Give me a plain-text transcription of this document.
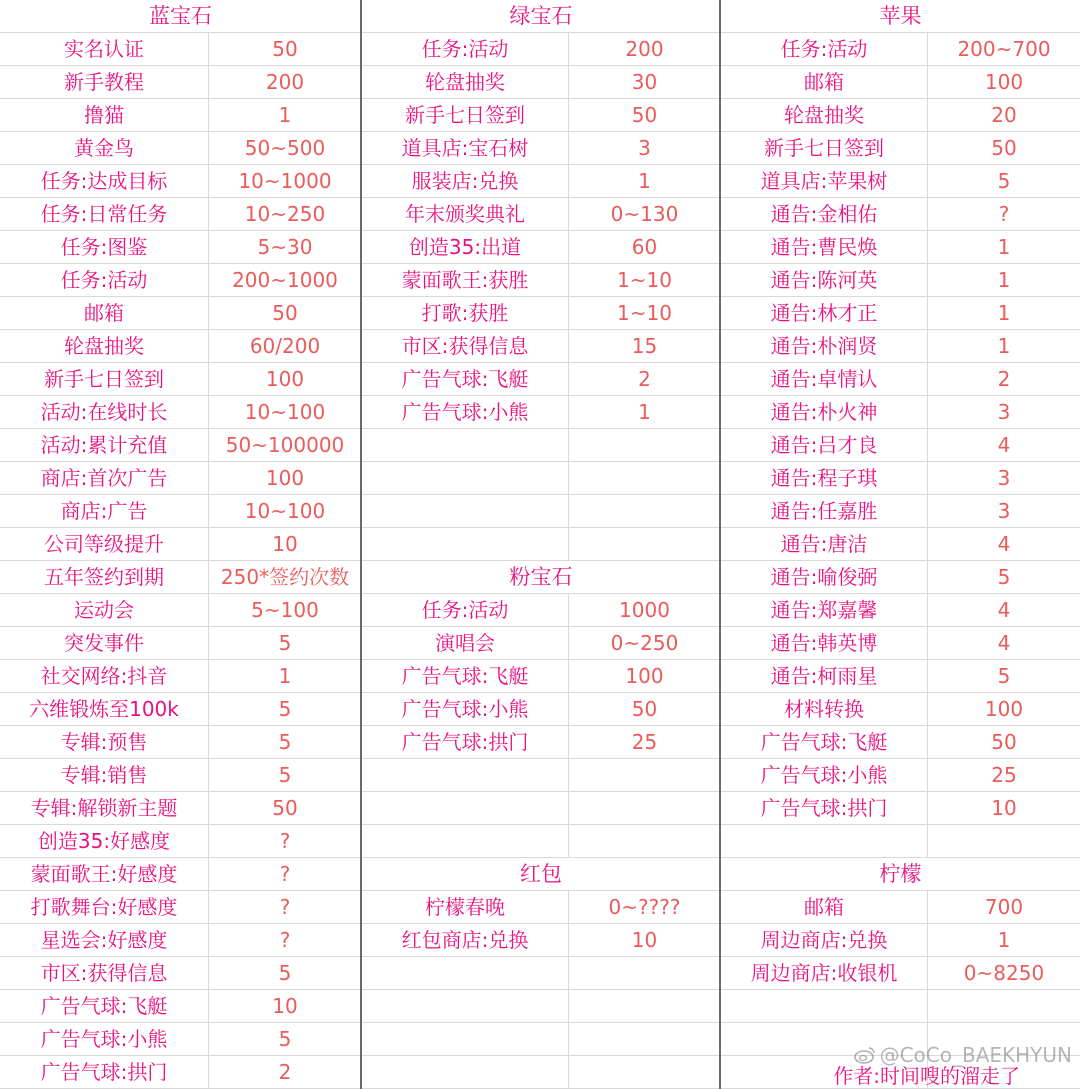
蓝宝石
实名认证	50
新手教程	200
撸猫	1
黄金鸟	50~500
任务:达成目标	10~1000
任务:日常任务	10~250
任务:图鉴	5~30
任务:活动	200~1000
邮箱	50
轮盘抽奖	60/200
新手七日签到	100
活动:在线时长	10~100
活动:累计充值	50~100000
商店:首次广告	100
商店:广告	10~100
公司等级提升	10
五年签约到期	250*签约次数
运动会	5~100
突发事件	5
社交网络:抖音	1
六维锻炼至100k	5
专辑:预售	5
专辑:销售	5
专辑:解锁新主题	50
创造35:好感度	?
蒙面歌王:好感度	?
打歌舞台:好感度	?
星选会:好感度	?
市区:获得信息	5
广告气球:飞艇	10
广告气球:小熊	5
广告气球:拱门	2
绿宝石
任务:活动	200
轮盘抽奖	30
新手七日签到	50
道具店:宝石树	3
服装店:兑换	1
年末颁奖典礼	0~130
创造35:出道	60
蒙面歌王:获胜	1~10
打歌:获胜	1~10
市区:获得信息	15
广告气球:飞艇	2
广告气球:小熊	1
粉宝石
任务:活动	1000
演唱会	0~250
广告气球:飞艇	100
广告气球:小熊	50
广告气球:拱门	25
红包
柠檬春晚	0~????
红包商店:兑换	10
苹果
任务:活动	200~700
邮箱	100
轮盘抽奖	20
新手七日签到	50
道具店:苹果树	5
通告:金相佑	?
通告:曹民焕	1
通告:陈河英	1
通告:林才正	1
通告:朴润贤	1
通告:卓情认	2
通告:朴火神	3
通告:吕才良	4
通告:程子琪	3
通告:任嘉胜	3
通告:唐洁	4
通告:喻俊弼	5
通告:郑嘉馨	4
通告:韩英博	4
通告:柯雨星	5
材料转换	100
广告气球:飞艇	50
广告气球:小熊	25
广告气球:拱门	10
柠檬
邮箱	700
周边商店:兑换	1
周边商店:收银机	0~8250
@CoCo_BAEKHYUN
作者:时间嗖的溜走了
